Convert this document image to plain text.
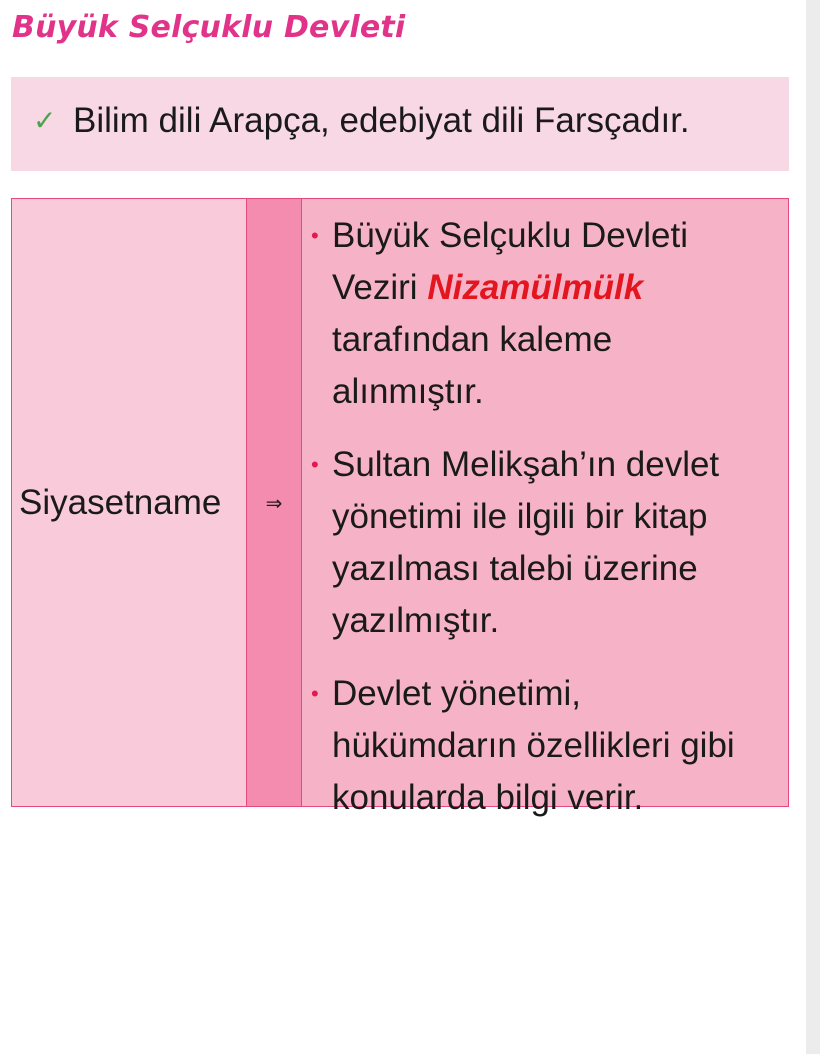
Büyük Selçuklu Devleti
✓ Bilim dili Arapça, edebiyat dili Farsçadır.
Siyasetname ⇒
• Büyük Selçuklu Devleti
Veziri Nizamülmülk
tarafından kaleme
alınmıştır.
• Sultan Melikşah’ın devlet
yönetimi ile ilgili bir kitap
yazılması talebi üzerine
yazılmıştır.
• Devlet yönetimi,
hükümdarın özellikleri gibi
konularda bilgi verir.
